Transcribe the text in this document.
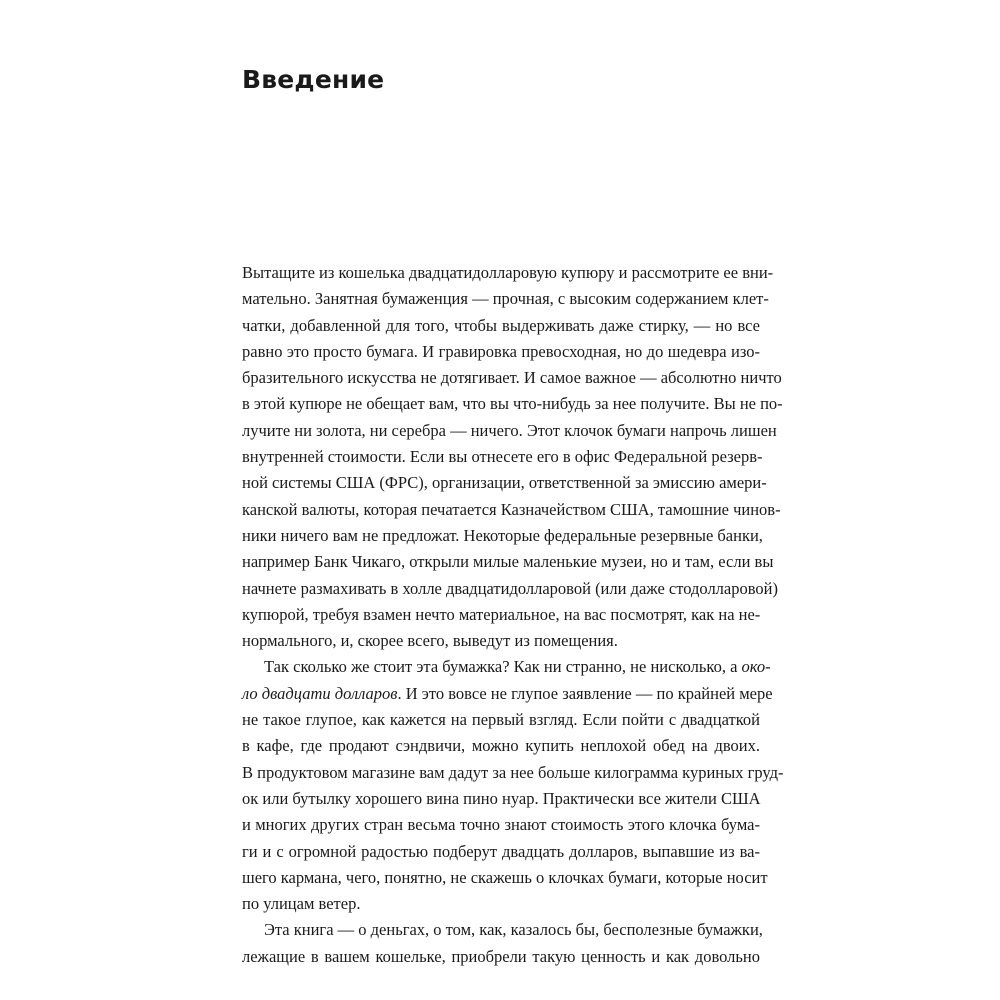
Введение
Вытащите из кошелька двадцатидолларовую купюру и рассмотрите ее вни-
мательно. Занятная бумаженция — прочная, с высоким содержанием клет-
чатки, добавленной для того, чтобы выдерживать даже стирку, — но все
равно это просто бумага. И гравировка превосходная, но до шедевра изо-
бразительного искусства не дотягивает. И самое важное — абсолютно ничто
в этой купюре не обещает вам, что вы что-нибудь за нее получите. Вы не по-
лучите ни золота, ни серебра — ничего. Этот клочок бумаги напрочь лишен
внутренней стоимости. Если вы отнесете его в офис Федеральной резерв-
ной системы США (ФРС), организации, ответственной за эмиссию амери-
канской валюты, которая печатается Казначейством США, тамошние чинов-
ники ничего вам не предложат. Некоторые федеральные резервные банки,
например Банк Чикаго, открыли милые маленькие музеи, но и там, если вы
начнете размахивать в холле двадцатидолларовой (или даже стодолларовой)
купюрой, требуя взамен нечто материальное, на вас посмотрят, как на не-
нормального, и, скорее всего, выведут из помещения.
Так сколько же стоит эта бумажка? Как ни странно, не нисколько, а око-
ло двадцати долларов. И это вовсе не глупое заявление — по крайней мере
не такое глупое, как кажется на первый взгляд. Если пойти с двадцаткой
в кафе, где продают сэндвичи, можно купить неплохой обед на двоих.
В продуктовом магазине вам дадут за нее больше килограмма куриных груд-
ок или бутылку хорошего вина пино нуар. Практически все жители США
и многих других стран весьма точно знают стоимость этого клочка бума-
ги и с огромной радостью подберут двадцать долларов, выпавшие из ва-
шего кармана, чего, понятно, не скажешь о клочках бумаги, которые носит
по улицам ветер.
Эта книга — о деньгах, о том, как, казалось бы, бесполезные бумажки,
лежащие в вашем кошельке, приобрели такую ценность и как довольно
